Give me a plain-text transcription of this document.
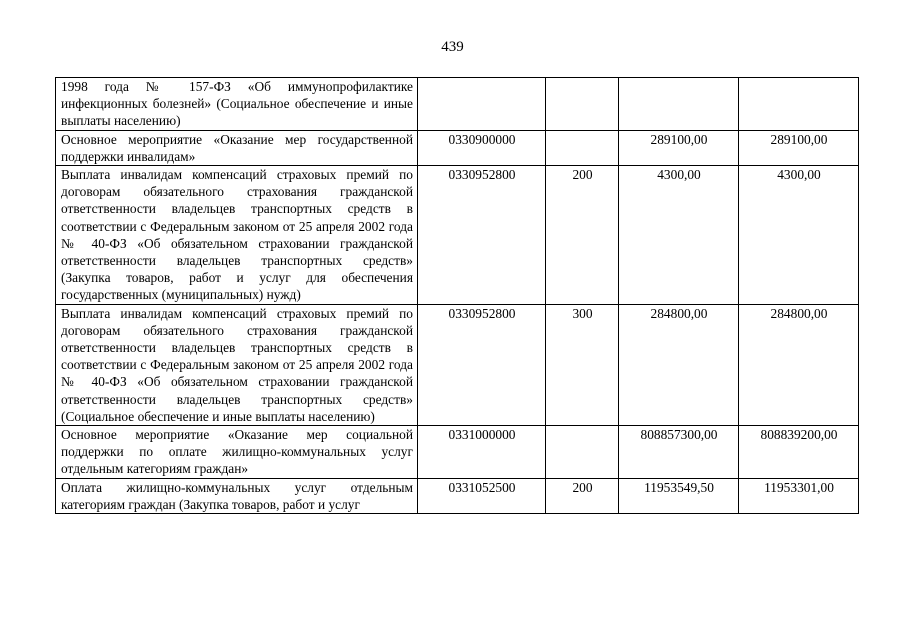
439
1998 года № 157-ФЗ «Об иммунопрофилактике инфекционных болезней» (Социальное обеспечение и иные выплаты населению)				
Основное мероприятие «Оказание мер государственной поддержки инвалидам»	0330900000		289100,00	289100,00
Выплата инвалидам компенсаций страховых премий по договорам обязательного страхования гражданской ответственности владельцев транспортных средств в соответствии с Федеральным законом от 25 апреля 2002 года № 40-ФЗ «Об обязательном страховании гражданской ответственности владельцев транспортных средств» (Закупка товаров, работ и услуг для обеспечения государственных (муниципальных) нужд)	0330952800	200	4300,00	4300,00
Выплата инвалидам компенсаций страховых премий по договорам обязательного страхования гражданской ответственности владельцев транспортных средств в соответствии с Федеральным законом от 25 апреля 2002 года № 40-ФЗ «Об обязательном страховании гражданской ответственности владельцев транспортных средств» (Социальное обеспечение и иные выплаты населению)	0330952800	300	284800,00	284800,00
Основное мероприятие «Оказание мер социальной поддержки по оплате жилищно-коммунальных услуг отдельным категориям граждан»	0331000000		808857300,00	808839200,00

Оплата жилищно-коммунальных услуг отдельным категориям граждан (Закупка товаров, работ и услуг	0331052500	200	11953549,50	11953301,00
